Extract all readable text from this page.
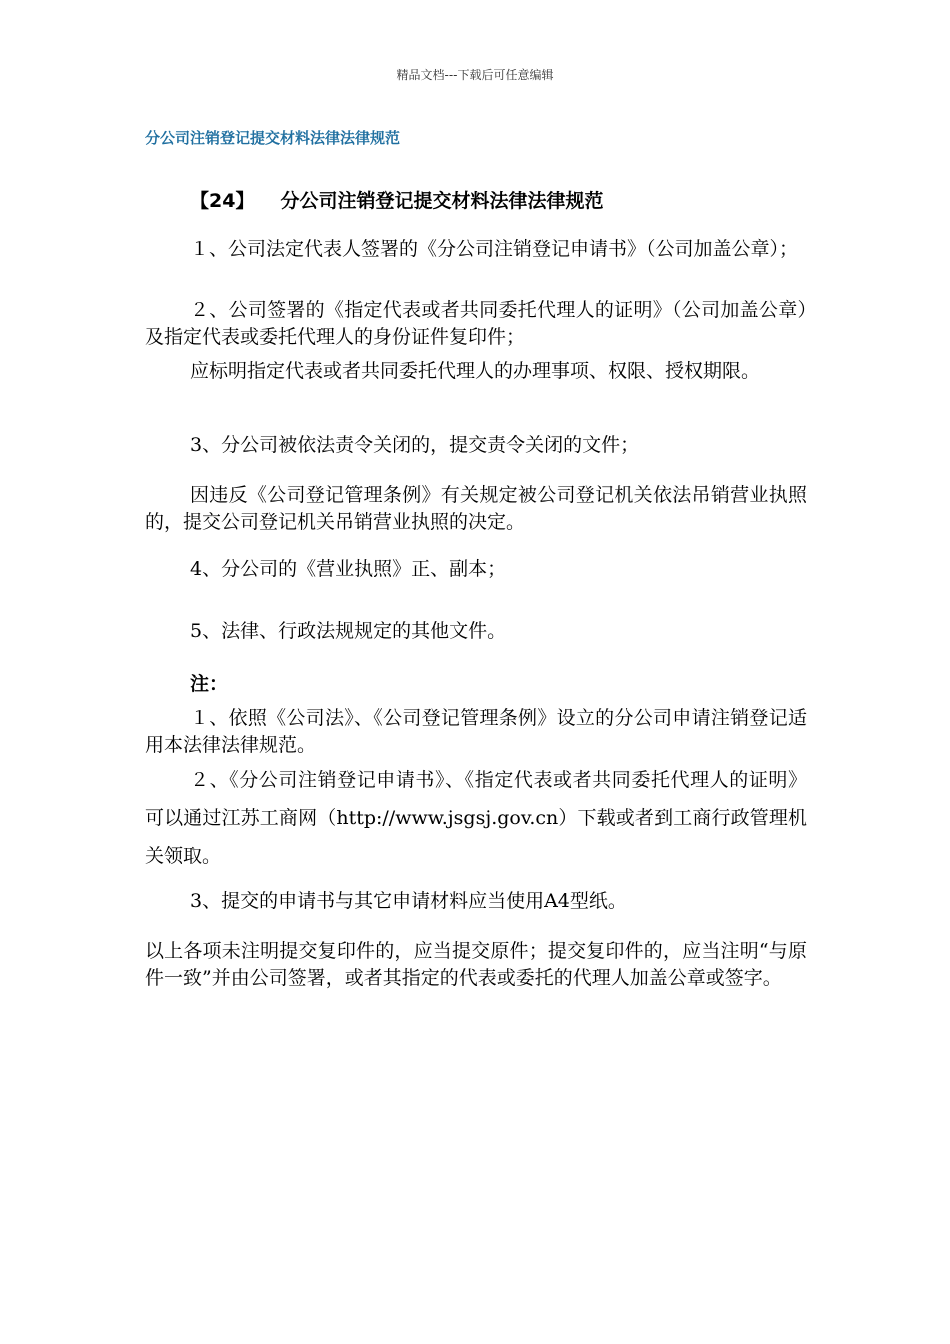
精品文档---下载后可任意编辑
分公司注销登记提交材料法律法律规范
【24】 分公司注销登记提交材料法律法律规范
１、公司法定代表人签署的《分公司注销登记申请书》（公司加盖公章）；
２、公司签署的《指定代表或者共同委托代理人的证明》（公司加盖公章）及指定代表或委托代理人的身份证件复印件；
应标明指定代表或者共同委托代理人的办理事项、权限、授权期限。
3、分公司被依法责令关闭的，提交责令关闭的文件；
因违反《公司登记管理条例》有关规定被公司登记机关依法吊销营业执照的，提交公司登记机关吊销营业执照的决定。
4、分公司的《营业执照》正、副本；
5、法律、行政法规规定的其他文件。
注：
１、依照《公司法》、《公司登记管理条例》设立的分公司申请注销登记适用本法律法律规范。
２、《分公司注销登记申请书》、《指定代表或者共同委托代理人的证明》可以通过江苏工商网（http://www.jsgsj.gov.cn）下载或者到工商行政管理机关领取。
3、提交的申请书与其它申请材料应当使用A4型纸。
以上各项未注明提交复印件的，应当提交原件；提交复印件的，应当注明“与原件一致”并由公司签署，或者其指定的代表或委托的代理人加盖公章或签字。
